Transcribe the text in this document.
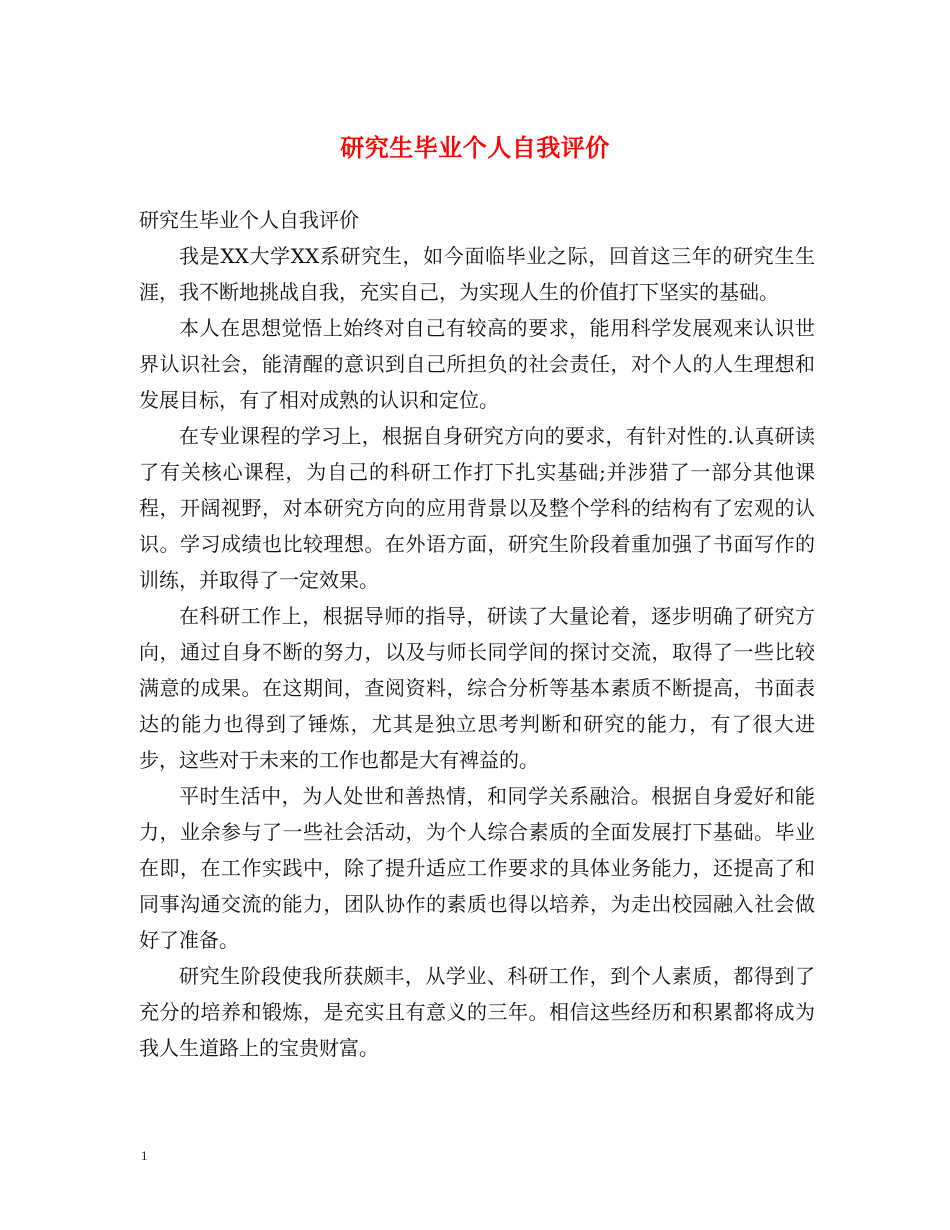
研究生毕业个人自我评价

研究生毕业个人自我评价

我是XX大学XX系研究生，如今面临毕业之际，回首这三年的研究生生涯，我不断地挑战自我，充实自己，为实现人生的价值打下坚实的基础。

本人在思想觉悟上始终对自己有较高的要求，能用科学发展观来认识世界认识社会，能清醒的意识到自己所担负的社会责任，对个人的人生理想和发展目标，有了相对成熟的认识和定位。

在专业课程的学习上，根据自身研究方向的要求，有针对性的.认真研读了有关核心课程，为自己的科研工作打下扎实基础;并涉猎了一部分其他课程，开阔视野，对本研究方向的应用背景以及整个学科的结构有了宏观的认识。学习成绩也比较理想。在外语方面，研究生阶段着重加强了书面写作的训练，并取得了一定效果。

在科研工作上，根据导师的指导，研读了大量论着，逐步明确了研究方向，通过自身不断的努力，以及与师长同学间的探讨交流，取得了一些比较满意的成果。在这期间，查阅资料，综合分析等基本素质不断提高，书面表达的能力也得到了锤炼，尤其是独立思考判断和研究的能力，有了很大进步，这些对于未来的工作也都是大有裨益的。

平时生活中，为人处世和善热情，和同学关系融洽。根据自身爱好和能力，业余参与了一些社会活动，为个人综合素质的全面发展打下基础。毕业在即，在工作实践中，除了提升适应工作要求的具体业务能力，还提高了和同事沟通交流的能力，团队协作的素质也得以培养，为走出校园融入社会做好了准备。

研究生阶段使我所获颇丰，从学业、科研工作，到个人素质，都得到了充分的培养和锻炼，是充实且有意义的三年。相信这些经历和积累都将成为我人生道路上的宝贵财富。

1
